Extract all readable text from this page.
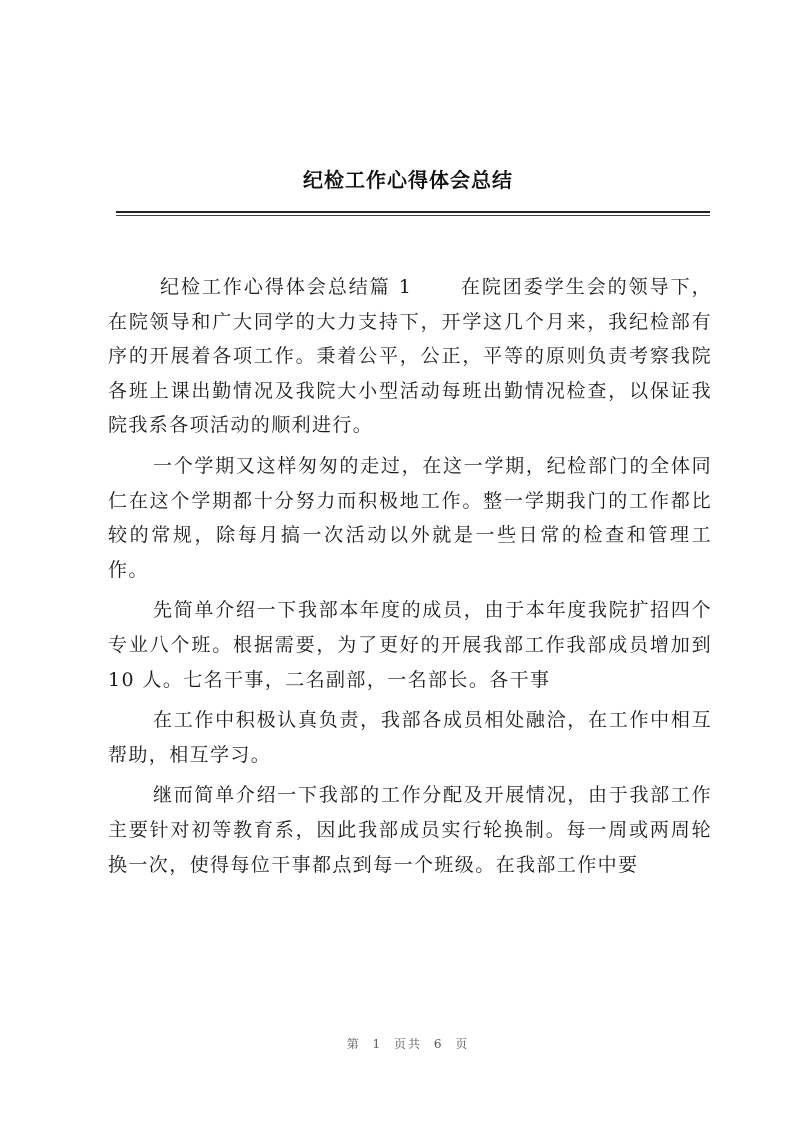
纪检工作心得体会总结

纪检工作心得体会总结篇 1	在院团委学生会的领导下，在院领导和广大同学的大力支持下，开学这几个月来，我纪检部有序的开展着各项工作。秉着公平，公正，平等的原则负责考察我院各班上课出勤情况及我院大小型活动每班出勤情况检查，以保证我院我系各项活动的顺利进行。

一个学期又这样匆匆的走过，在这一学期，纪检部门的全体同仁在这个学期都十分努力而积极地工作。整一学期我门的工作都比较的常规，除每月搞一次活动以外就是一些日常的检查和管理工作。

先简单介绍一下我部本年度的成员，由于本年度我院扩招四个专业八个班。根据需要，为了更好的开展我部工作我部成员增加到 10 人。七名干事，二名副部，一名部长。各干事

在工作中积极认真负责，我部各成员相处融洽，在工作中相互帮助，相互学习。

继而简单介绍一下我部的工作分配及开展情况，由于我部工作主要针对初等教育系，因此我部成员实行轮换制。每一周或两周轮换一次，使得每位干事都点到每一个班级。在我部工作中要

第 1 页共 6 页
